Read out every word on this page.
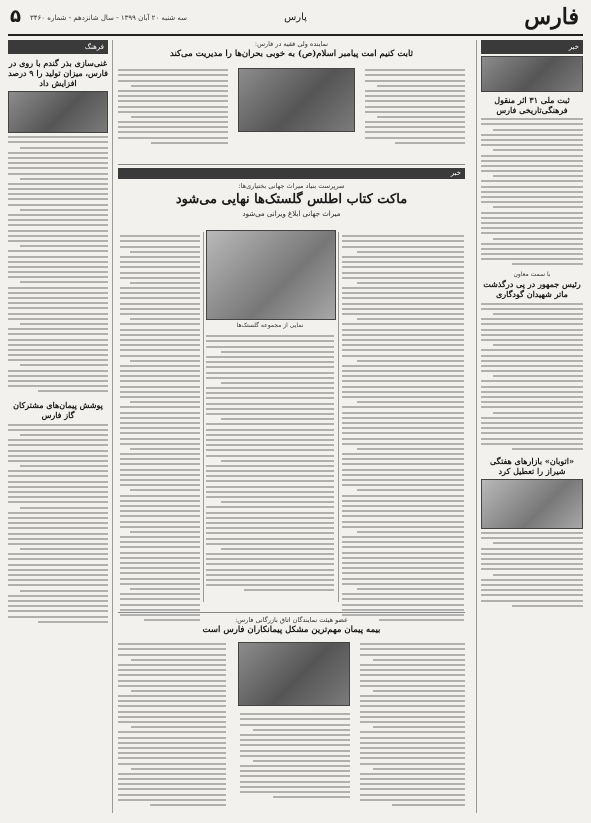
فارس
پارس
سه شنبه ۲۰ آبان ۱۳۹۹ - سال شانزدهم - شماره ۳۴۶۰
۵
خبر
ثبت ملی ۳۱ اثر منقول فرهنگی‌تاریخی فارس
با سمت معاون
رئیس جمهور در پی درگذشت ماتر شهیدان گودگاری
«اتوبان» بازارهای هفتگی شیراز را تعطیل کرد
فرهنگ
غنی‌سازی بذر گندم با روی در فارس، میزان تولید را ۹ درصد افزایش داد
پوشش پیمان‌های مشترکان گاز فارس
نماینده ولی فقیه در فارس:
ثابت کنیم امت پیامبر اسلام(ص) به خوبی بحران‌ها را مدیریت می‌کند
خبر
سرپرست بنیاد میراث جهانی بختیاری‌ها:
ماکت کتاب اطلس گلستک‌ها نهایی می‌شود
میراث جهانی ابلاغ ویرانی می‌شود
نمایی از مجموعه گلستک‌ها
عضو هیئت نمایندگان اتاق بازرگانی فارس:
بیمه پیمان مهم‌ترین مشکل پیمانکاران فارس است
